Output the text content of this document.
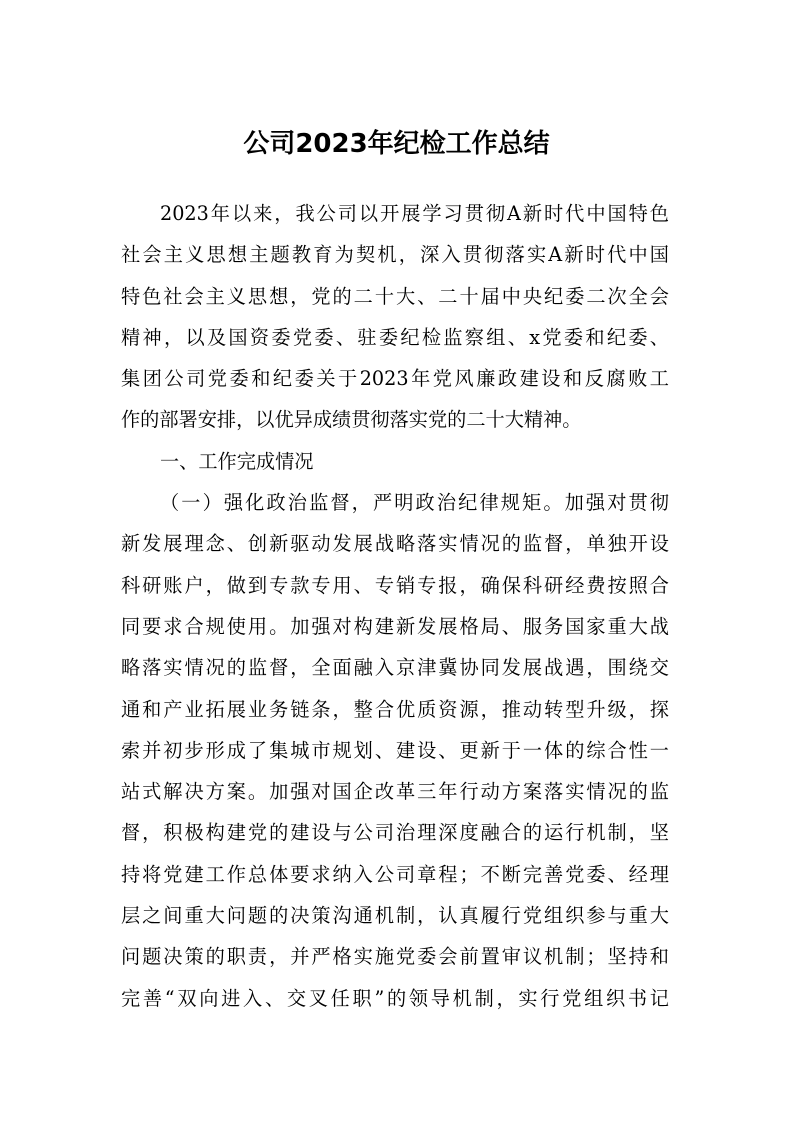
公司2023年纪检工作总结
2023年以来，我公司以开展学习贯彻A新时代中国特色
社会主义思想主题教育为契机，深入贯彻落实A新时代中国
特色社会主义思想，党的二十大、二十届中央纪委二次全会
精神，以及国资委党委、驻委纪检监察组、x党委和纪委、
集团公司党委和纪委关于2023年党风廉政建设和反腐败工
作的部署安排，以优异成绩贯彻落实党的二十大精神。
一、工作完成情况
（一）强化政治监督，严明政治纪律规矩。加强对贯彻
新发展理念、创新驱动发展战略落实情况的监督，单独开设
科研账户，做到专款专用、专销专报，确保科研经费按照合
同要求合规使用。加强对构建新发展格局、服务国家重大战
略落实情况的监督，全面融入京津冀协同发展战遇，围绕交
通和产业拓展业务链条，整合优质资源，推动转型升级，探
索并初步形成了集城市规划、建设、更新于一体的综合性一
站式解决方案。加强对国企改革三年行动方案落实情况的监
督，积极构建党的建设与公司治理深度融合的运行机制，坚
持将党建工作总体要求纳入公司章程；不断完善党委、经理
层之间重大问题的决策沟通机制，认真履行党组织参与重大
问题决策的职责，并严格实施党委会前置审议机制；坚持和
完善“双向进入、交叉任职”的领导机制，实行党组织书记
